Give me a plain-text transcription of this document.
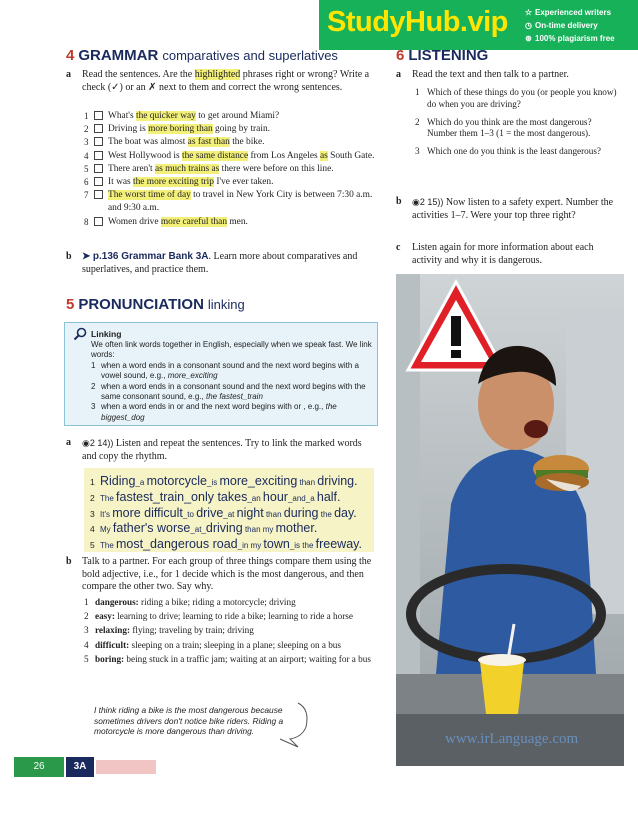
StudyHub.vip ☆ Experienced writers
◷ On-time delivery
⊛ 100% plagiarism free
4 GRAMMAR comparatives and superlatives
a Read the sentences. Are the highlighted phrases right or wrong? Write a check (✓) or an ✗ next to them and correct the wrong sentences.
1	What's the quicker way to get around Miami?
2	Driving is more boring than going by train.
3	The boat was almost as fast than the bike.
4	West Hollywood is the same distance from Los Angeles as South Gate.
5	There aren't as much trains as there were before on this line.
6	It was the more exciting trip I've ever taken.
7	The worst time of day to travel in New York City is between 7:30 a.m. and 9:30 a.m.
8	Women drive more careful than men.
b ➤ p.136 Grammar Bank 3A. Learn more about comparatives and superlatives, and practice them.
5 PRONUNCIATION linking
Linking
We often link words together in English, especially when we speak fast. We link words:
1 when a word ends in a consonant sound and the next word begins with a vowel sound, e.g., more_exciting
2 when a word ends in a consonant sound and the next word begins with the same consonant sound, e.g., the fastest_train
3 when a word ends in or and the next word begins with or , e.g., the biggest_dog
a ◉2 14)) Listen and repeat the sentences. Try to link the marked words and copy the rhythm.
1 Riding_a motorcycle_is more_exciting than driving.
2 The fastest_train_only takes_an hour_and_a half.
3 It's more difficult_to drive_at night than during the day.
4 My father's worse_at_driving than my mother.
5 The most_dangerous road_in my town_is the freeway.
b Talk to a partner. For each group of three things compare them using the bold adjective, i.e., for 1 decide which is the most dangerous, and then compare the other two. Say why.
1 dangerous: riding a bike; riding a motorcycle; driving
2 easy: learning to drive; learning to ride a bike; learning to ride a horse
3 relaxing: flying; traveling by train; driving
4 difficult: sleeping on a train; sleeping in a plane; sleeping on a bus
5 boring: being stuck in a traffic jam; waiting at an airport; waiting for a bus
I think riding a bike is the most dangerous because sometimes drivers don't notice bike riders. Riding a motorcycle is more dangerous than driving.
6 LISTENING
a Read the text and then talk to a partner.
1 Which of these things do you (or people you know) do when you are driving?
2 Which do you think are the most dangerous? Number them 1–3 (1 = the most dangerous).
3 Which one do you think is the least dangerous?
b ◉2 15)) Now listen to a safety expert. Number the activities 1–7. Were your top three right?
c Listen again for more information about each activity and why it is dangerous.
www.irLanguage.com
26	3A
